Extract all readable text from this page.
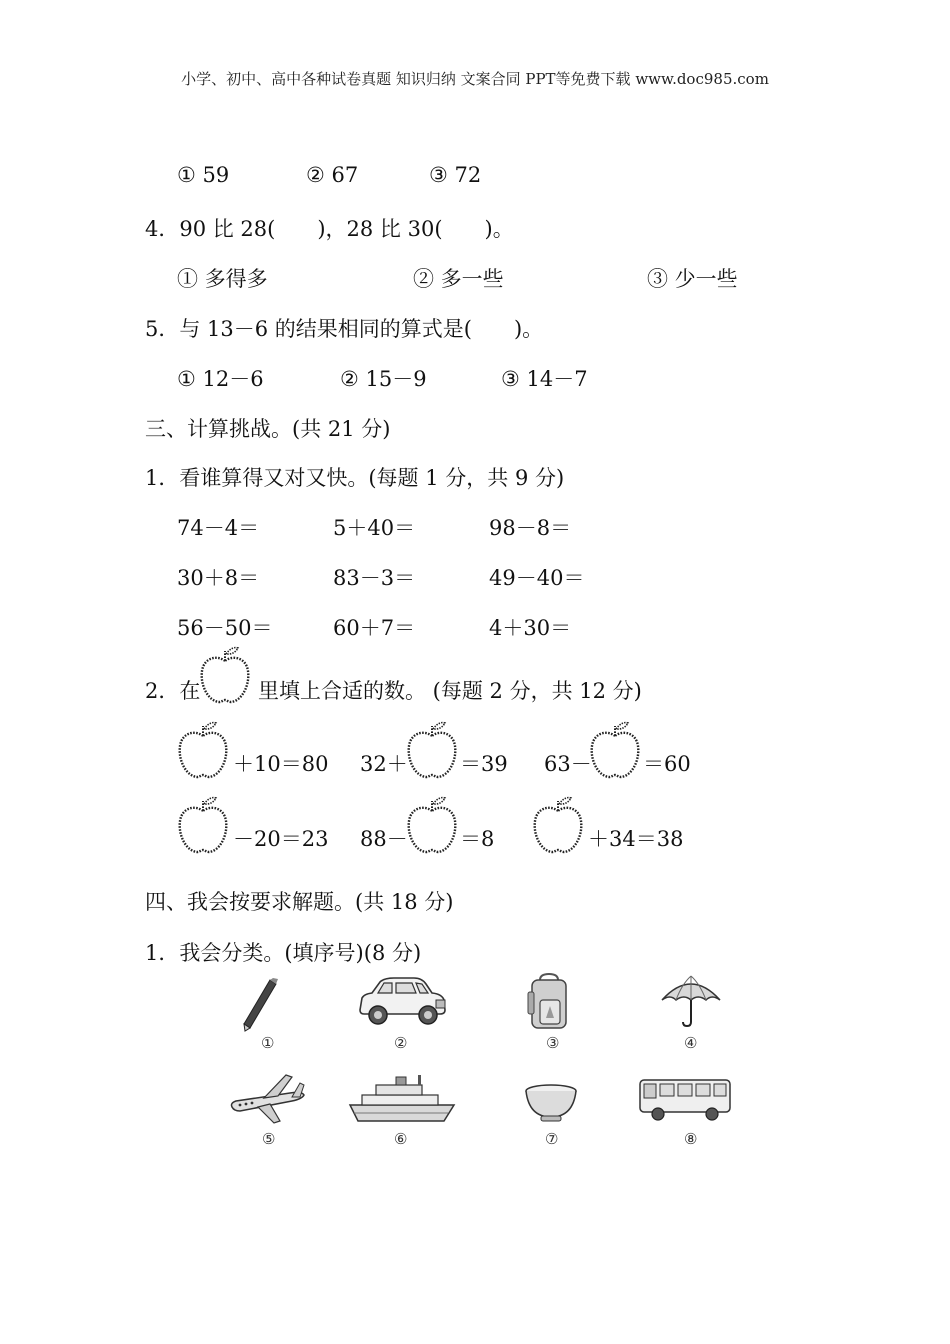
小学、初中、高中各种试卷真题 知识归纳 文案合同 PPT等免费下载 www.doc985.com
① 59	② 67	③ 72
4．90 比 28(　　)，28 比 30(　　)。
① 多得多	② 多一些	③ 少一些
5．与 13－6 的结果相同的算式是(　　)。
① 12－6	② 15－9	③ 14－7
三、计算挑战。(共 21 分)
1．看谁算得又对又快。(每题 1 分，共 9 分)
74－4＝	5＋40＝	98－8＝
30＋8＝	83－3＝	49－40＝
56－50＝	60＋7＝	4＋30＝
2．在	里填上合适的数。 (每题 2 分，共 12 分)
＋10＝80 32＋ ＝39 63－ ＝60
－20＝23 88－ ＝8	＋34＝38
四、我会按要求解题。(共 18 分)
1．我会分类。(填序号)(8 分)
①	②	③	④
⑤	⑥	⑦	⑧
